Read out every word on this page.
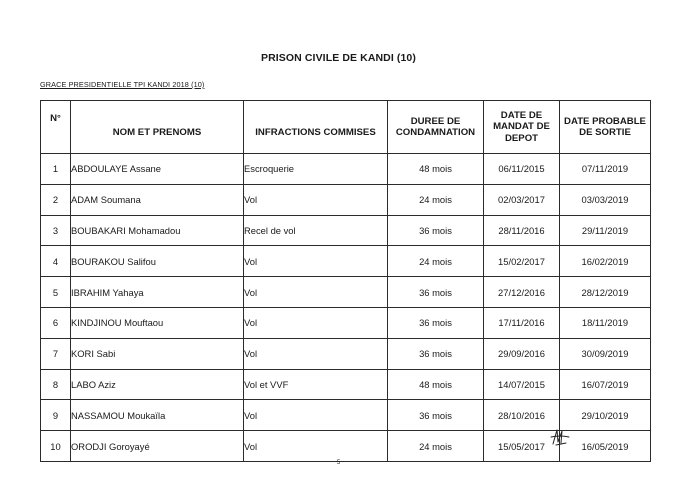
PRISON CIVILE DE KANDI (10)
GRACE PRESIDENTIELLE TPI KANDI 2018 (10)
N°	NOM ET PRENOMS	INFRACTIONS COMMISES	DUREE DE CONDAMNATION	DATE DE MANDAT DE DEPOT	DATE PROBABLE DE SORTIE

1	ABDOULAYE Assane	Escroquerie	48 mois	06/11/2015	07/11/2019
2	ADAM Soumana	Vol	24 mois	02/03/2017	03/03/2019
3	BOUBAKARI Mohamadou	Recel de vol	36 mois	28/11/2016	29/11/2019
4	BOURAKOU Salifou	Vol	24 mois	15/02/2017	16/02/2019
5	IBRAHIM Yahaya	Vol	36 mois	27/12/2016	28/12/2019
6	KINDJINOU Mouftaou	Vol	36 mois	17/11/2016	18/11/2019
7	KORI Sabi	Vol	36 mois	29/09/2016	30/09/2019
8	LABO Aziz	Vol et VVF	48 mois	14/07/2015	16/07/2019
9	NASSAMOU Moukaïla	Vol	36 mois	28/10/2016	29/10/2019
10	ORODJI Goroyayé	Vol	24 mois	15/05/2017	16/05/2019
5
